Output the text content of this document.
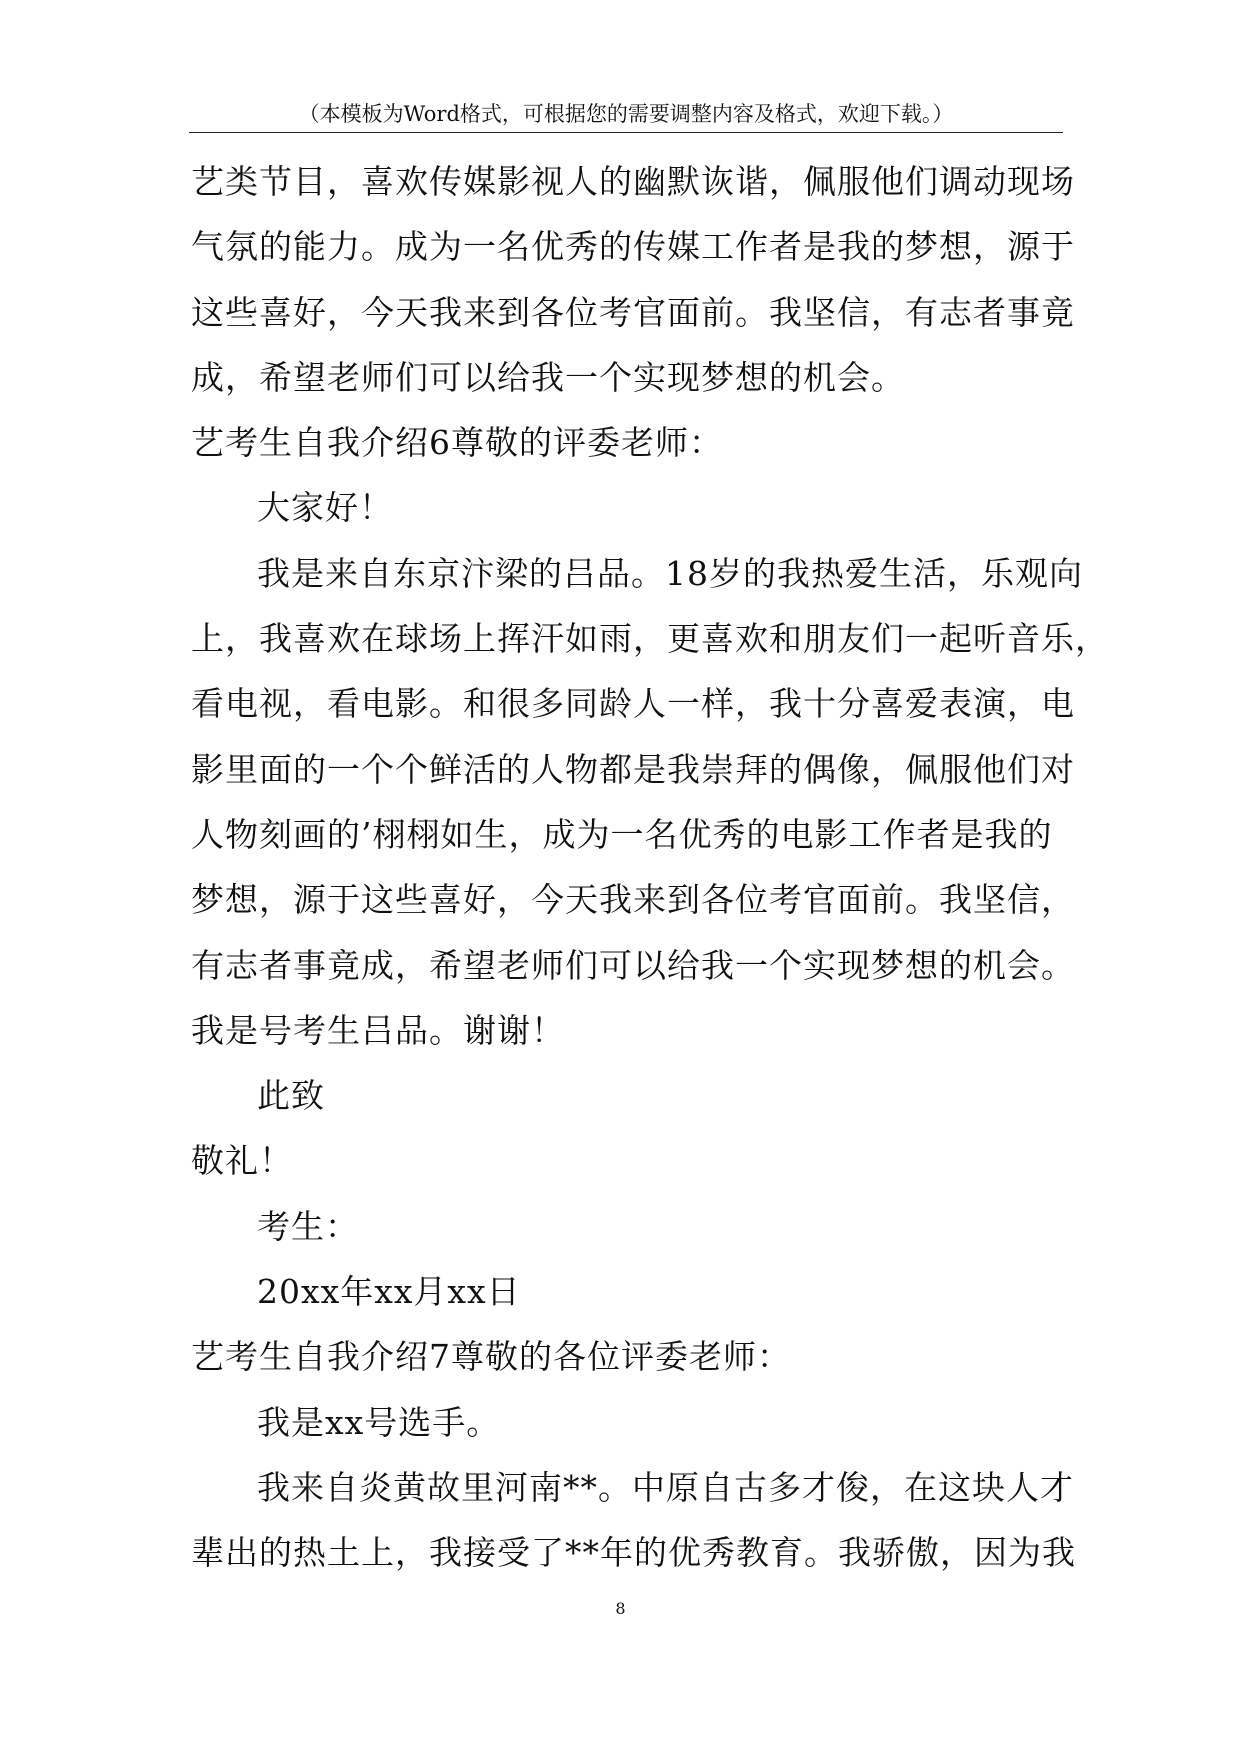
（本模板为Word格式，可根据您的需要调整内容及格式，欢迎下载。）
艺类节目，喜欢传媒影视人的幽默诙谐，佩服他们调动现场
气氛的能力。成为一名优秀的传媒工作者是我的梦想，源于
这些喜好，今天我来到各位考官面前。我坚信，有志者事竟
成，希望老师们可以给我一个实现梦想的机会。
艺考生自我介绍6尊敬的评委老师：
大家好！
我是来自东京汴梁的吕品。18岁的我热爱生活，乐观向
上，我喜欢在球场上挥汗如雨，更喜欢和朋友们一起听音乐，
看电视，看电影。和很多同龄人一样，我十分喜爱表演，电
影里面的一个个鲜活的人物都是我崇拜的偶像，佩服他们对
人物刻画的’栩栩如生，成为一名优秀的电影工作者是我的
梦想，源于这些喜好，今天我来到各位考官面前。我坚信，
有志者事竟成，希望老师们可以给我一个实现梦想的机会。
我是号考生吕品。谢谢！
此致
敬礼！
考生：
20xx年xx月xx日
艺考生自我介绍7尊敬的各位评委老师：
我是xx号选手。
我来自炎黄故里河南**。中原自古多才俊，在这块人才
辈出的热土上，我接受了**年的优秀教育。我骄傲，因为我
8
